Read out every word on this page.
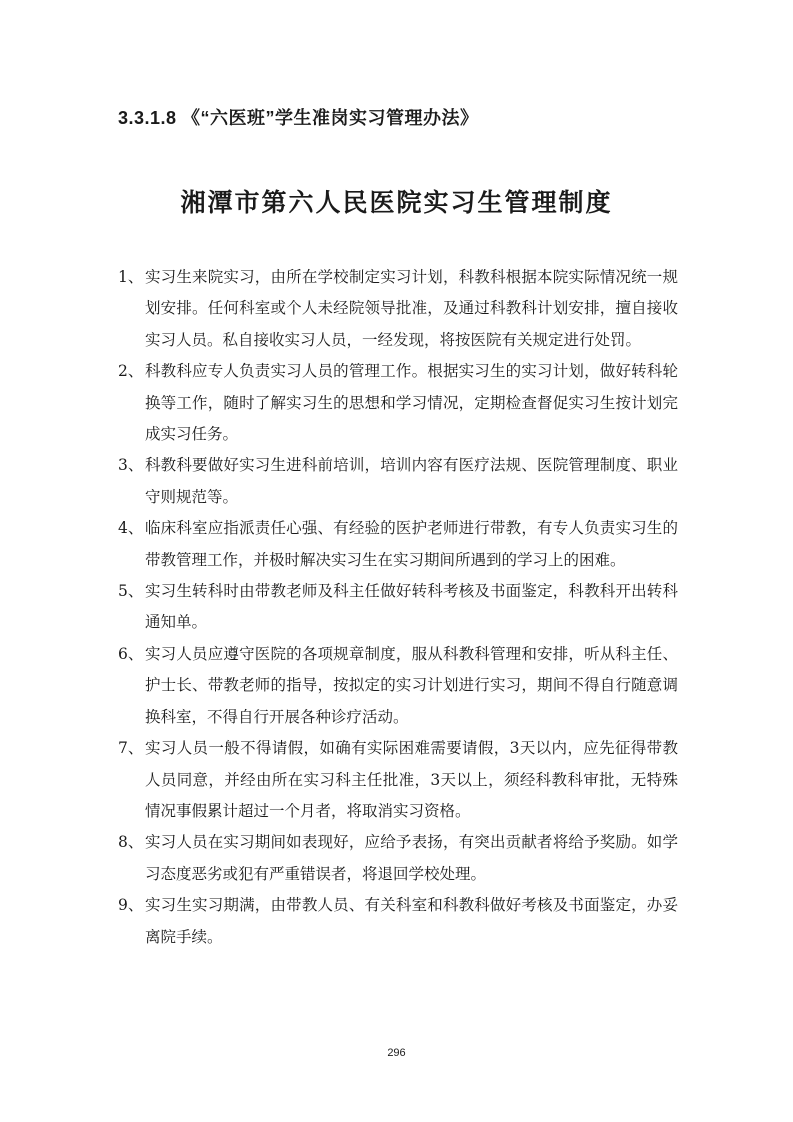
3.3.1.8 《“六医班”学生准岗实习管理办法》
湘潭市第六人民医院实习生管理制度
1、 实习生来院实习，由所在学校制定实习计划，科教科根据本院实际情况统一规划安排。任何科室或个人未经院领导批准，及通过科教科计划安排，擅自接收实习人员。私自接收实习人员，一经发现，将按医院有关规定进行处罚。
2、 科教科应专人负责实习人员的管理工作。根据实习生的实习计划，做好转科轮换等工作，随时了解实习生的思想和学习情况，定期检查督促实习生按计划完成实习任务。
3、 科教科要做好实习生进科前培训，培训内容有医疗法规、医院管理制度、职业守则规范等。
4、 临床科室应指派责任心强、有经验的医护老师进行带教，有专人负责实习生的带教管理工作，并极时解决实习生在实习期间所遇到的学习上的困难。
5、 实习生转科时由带教老师及科主任做好转科考核及书面鉴定，科教科开出转科通知单。
6、 实习人员应遵守医院的各项规章制度，服从科教科管理和安排，听从科主任、护士长、带教老师的指导，按拟定的实习计划进行实习，期间不得自行随意调换科室，不得自行开展各种诊疗活动。
7、 实习人员一般不得请假，如确有实际困难需要请假，3天以内，应先征得带教人员同意，并经由所在实习科主任批准，3天以上，须经科教科审批，无特殊情况事假累计超过一个月者，将取消实习资格。
8、 实习人员在实习期间如表现好，应给予表扬，有突出贡献者将给予奖励。如学习态度恶劣或犯有严重错误者，将退回学校处理。
9、 实习生实习期满，由带教人员、有关科室和科教科做好考核及书面鉴定，办妥离院手续。
296
